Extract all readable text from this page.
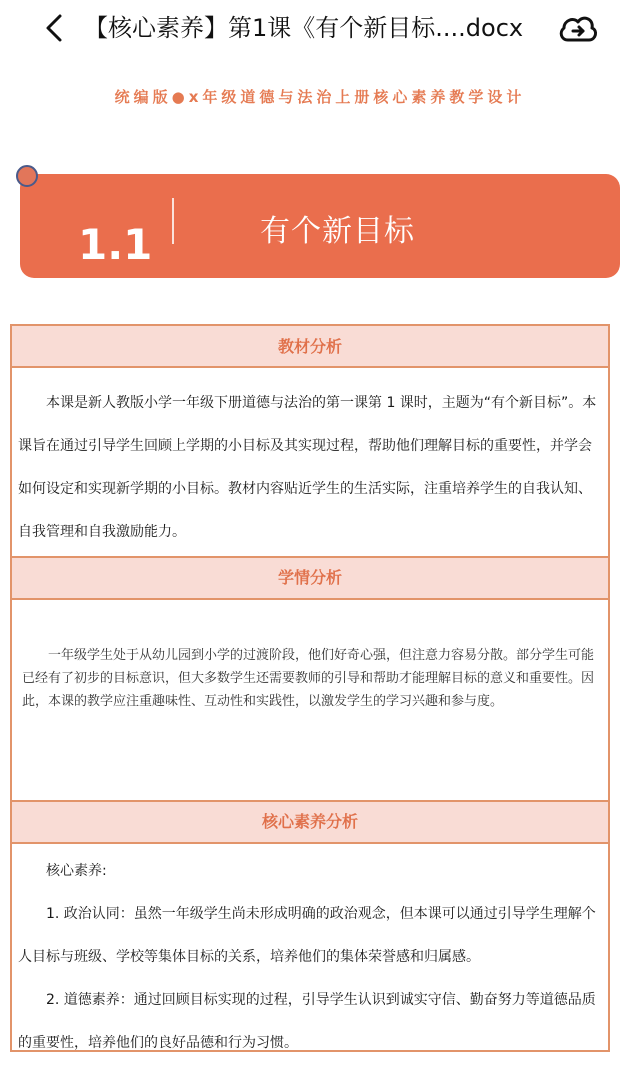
【核心素养】第1课《有个新目标....docx
统编版●x年级道德与法治上册核心素养教学设计
1.1	有个新目标
教材分析

本课是新人教版小学一年级下册道德与法治的第一课第 1 课时，主题为“有个新目标”。本课旨在通过引导学生回顾上学期的小目标及其实现过程，帮助他们理解目标的重要性，并学会如何设定和实现新学期的小目标。教材内容贴近学生的生活实际，注重培养学生的自我认知、自我管理和自我激励能力。

学情分析

一年级学生处于从幼儿园到小学的过渡阶段，他们好奇心强，但注意力容易分散。部分学生可能已经有了初步的目标意识，但大多数学生还需要教师的引导和帮助才能理解目标的意义和重要性。因此，本课的教学应注重趣味性、互动性和实践性，以激发学生的学习兴趣和参与度。

核心素养分析

核心素养:

1. 政治认同：虽然一年级学生尚未形成明确的政治观念，但本课可以通过引导学生理解个人目标与班级、学校等集体目标的关系，培养他们的集体荣誉感和归属感。

2. 道德素养：通过回顾目标实现的过程，引导学生认识到诚实守信、勤奋努力等道德品质的重要性，培养他们的良好品德和行为习惯。
